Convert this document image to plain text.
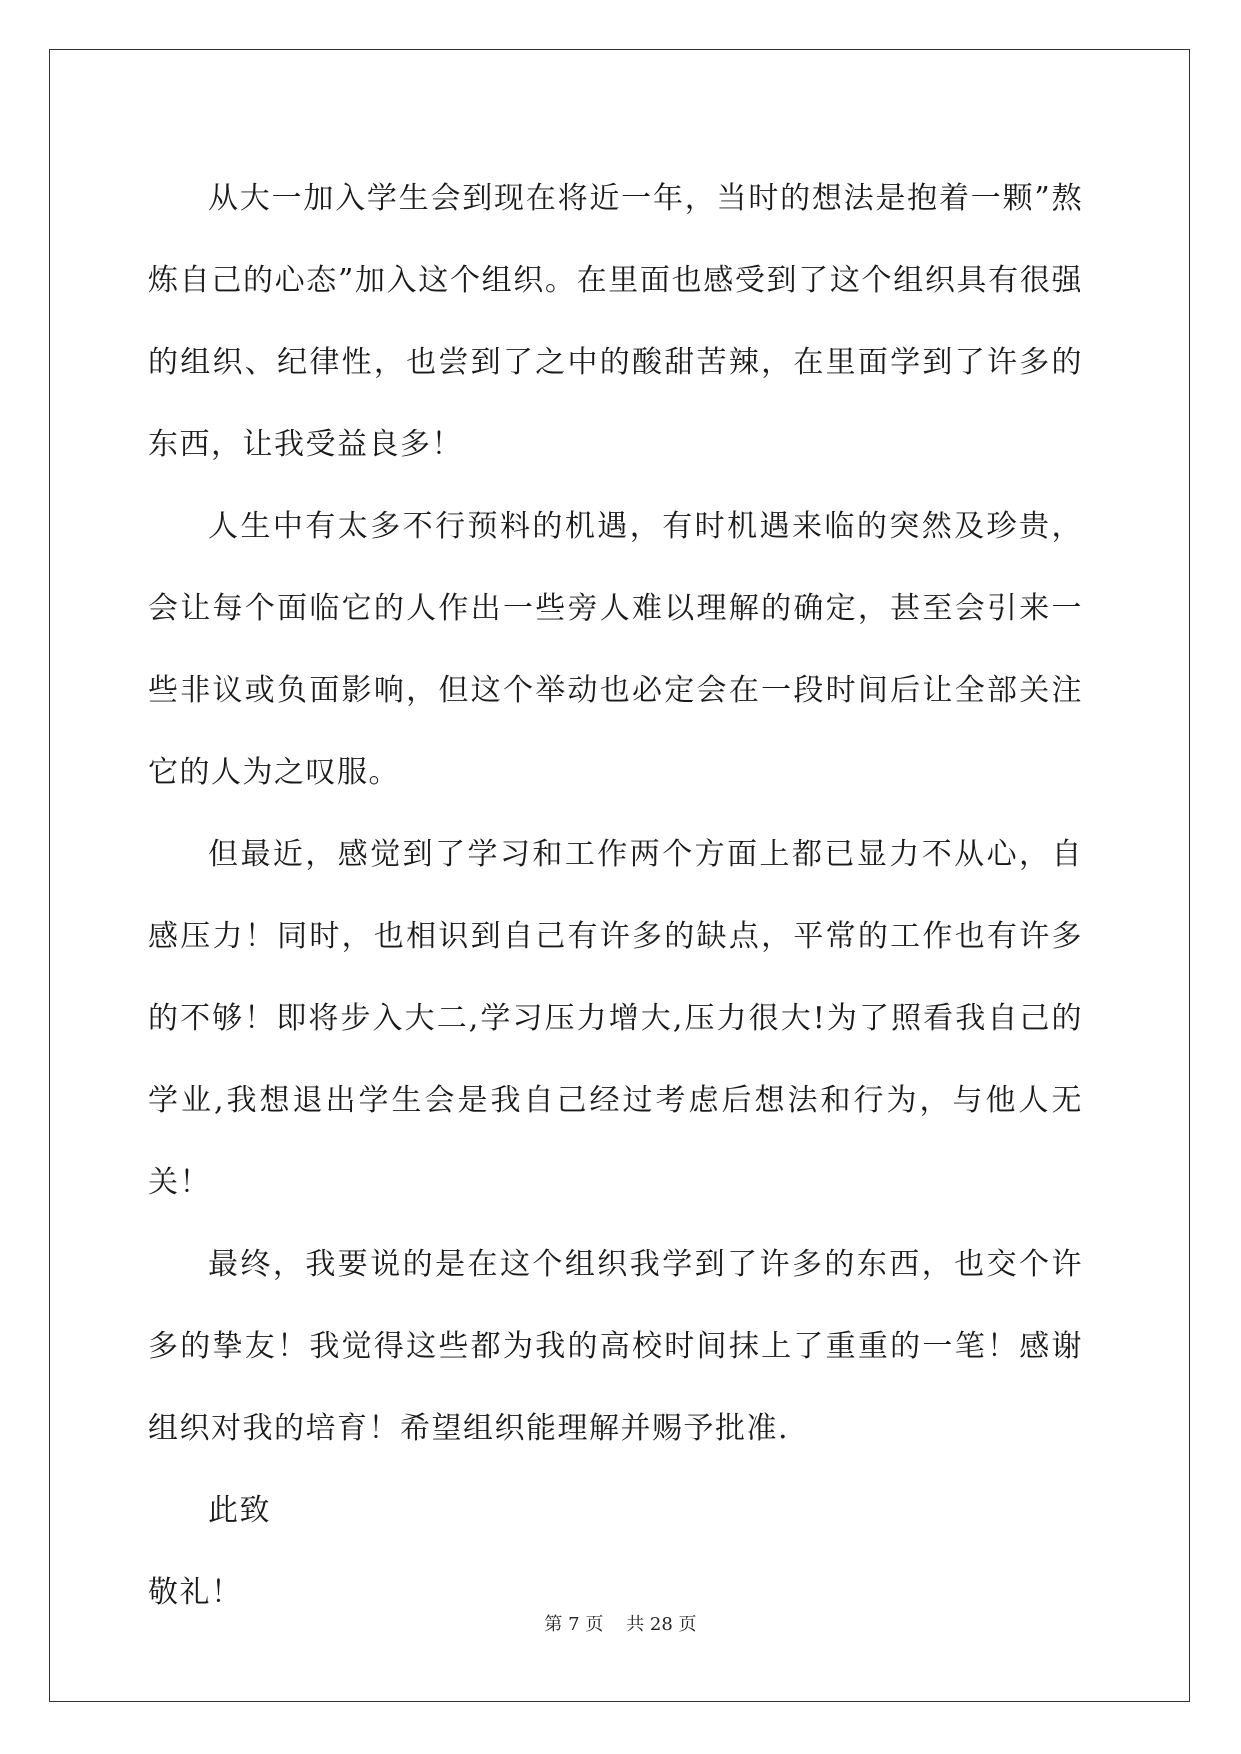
从大一加入学生会到现在将近一年，当时的想法是抱着一颗”熬炼自己的心态”加入这个组织。在里面也感受到了这个组织具有很强的组织、纪律性，也尝到了之中的酸甜苦辣，在里面学到了许多的东西，让我受益良多！

人生中有太多不行预料的机遇，有时机遇来临的突然及珍贵，会让每个面临它的人作出一些旁人难以理解的确定，甚至会引来一些非议或负面影响，但这个举动也必定会在一段时间后让全部关注它的人为之叹服。

但最近，感觉到了学习和工作两个方面上都已显力不从心，自感压力！同时，也相识到自己有许多的缺点，平常的工作也有许多的不够！即将步入大二,学习压力增大,压力很大!为了照看我自己的学业,我想退出学生会是我自己经过考虑后想法和行为，与他人无关！

最终，我要说的是在这个组织我学到了许多的东西，也交个许多的挚友！我觉得这些都为我的高校时间抹上了重重的一笔！感谢组织对我的培育！希望组织能理解并赐予批准.

此致

敬礼！

第 7 页    共 28 页
